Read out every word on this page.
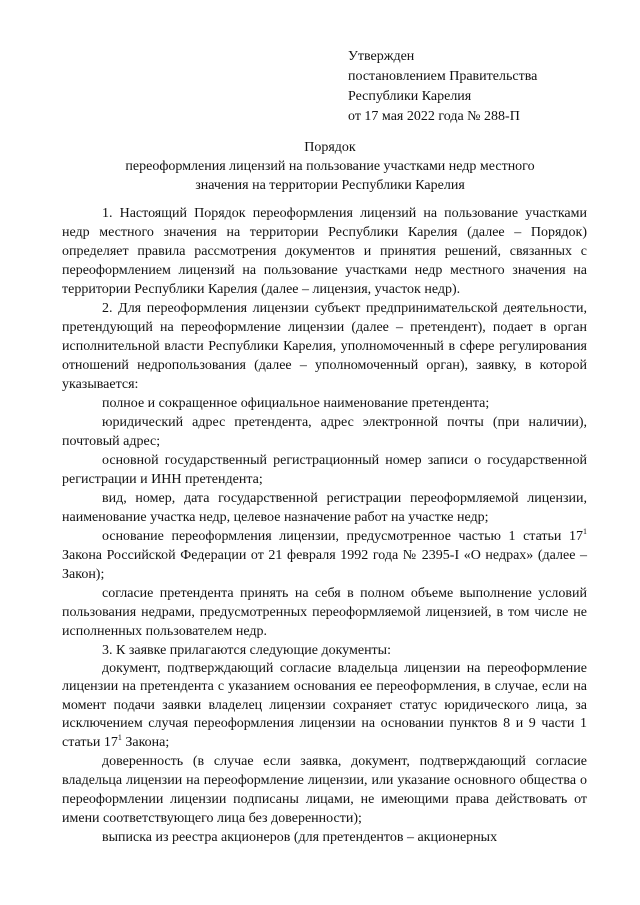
Утвержден
постановлением Правительства
Республики Карелия
от 17 мая 2022 года № 288-П
Порядок
переоформления лицензий на пользование участками недр местного
значения на территории Республики Карелия

1. Настоящий Порядок переоформления лицензий на пользование участками недр местного значения на территории Республики Карелия (далее – Порядок) определяет правила рассмотрения документов и принятия решений, связанных с переоформлением лицензий на пользование участками недр местного значения на территории Республики Карелия (далее – лицензия, участок недр).

2. Для переоформления лицензии субъект предпринимательской деятельности, претендующий на переоформление лицензии (далее – претендент), подает в орган исполнительной власти Республики Карелия, уполномоченный в сфере регулирования отношений недропользования (далее – уполномоченный орган), заявку, в которой указывается:

полное и сокращенное официальное наименование претендента;

юридический адрес претендента, адрес электронной почты (при наличии), почтовый адрес;

основной государственный регистрационный номер записи о государственной регистрации и ИНН претендента;

вид, номер, дата государственной регистрации переоформляемой лицензии, наименование участка недр, целевое назначение работ на участке недр;

основание переоформления лицензии, предусмотренное частью 1 статьи $17^1$ Закона Российской Федерации от 21 февраля 1992 года № 2395-I «О недрах» (далее – Закон);

согласие претендента принять на себя в полном объеме выполнение условий пользования недрами, предусмотренных переоформляемой лицензией, в том числе не исполненных пользователем недр.

3. К заявке прилагаются следующие документы:

документ, подтверждающий согласие владельца лицензии на переоформление лицензии на претендента с указанием основания ее переоформления, в случае, если на момент подачи заявки владелец лицензии сохраняет статус юридического лица, за исключением случая переоформления лицензии на основании пунктов 8 и 9 части 1 статьи $17^1$ Закона;

доверенность (в случае если заявка, документ, подтверждающий согласие владельца лицензии на переоформление лицензии, или указание основного общества о переоформлении лицензии подписаны лицами, не имеющими права действовать от имени соответствующего лица без доверенности);

выписка из реестра акционеров (для претендентов – акционерных
